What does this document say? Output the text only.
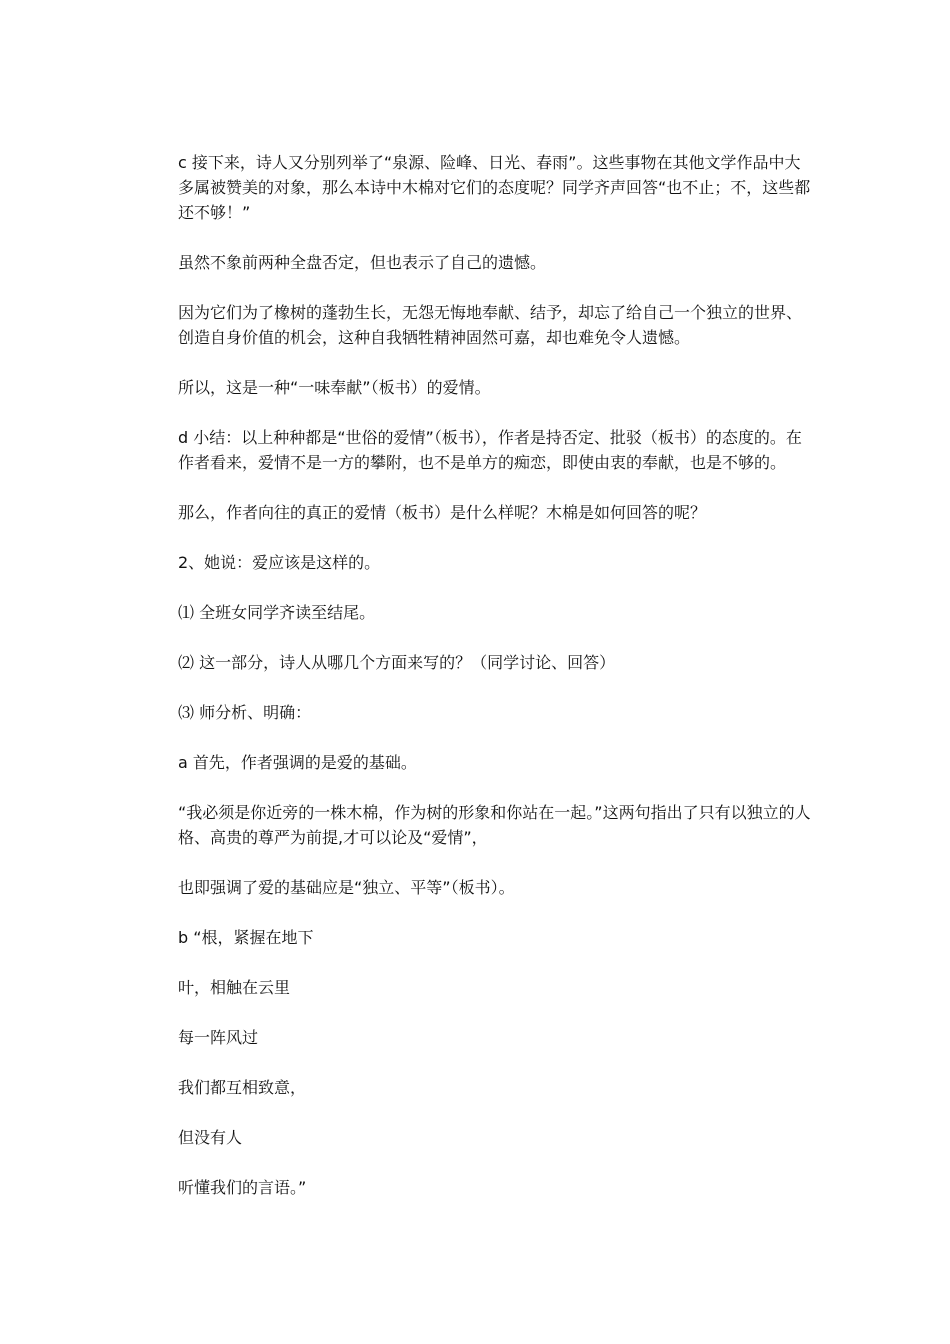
c 接下来，诗人又分别列举了“泉源、险峰、日光、春雨”。这些事物在其他文学作品中大多属被赞美的对象，那么本诗中木棉对它们的态度呢？同学齐声回答“也不止；不，这些都还不够！”

虽然不象前两种全盘否定，但也表示了自己的遗憾。

因为它们为了橡树的蓬勃生长，无怨无悔地奉献、结予，却忘了给自己一个独立的世界、创造自身价值的机会，这种自我牺牲精神固然可嘉，却也难免令人遗憾。

所以，这是一种“一味奉献”（板书）的爱情。

d 小结：以上种种都是“世俗的爱情”（板书），作者是持否定、批驳（板书）的态度的。在作者看来，爱情不是一方的攀附，也不是单方的痴恋，即使由衷的奉献，也是不够的。

那么，作者向往的真正的爱情（板书）是什么样呢？木棉是如何回答的呢？

2、她说：爱应该是这样的。

⑴ 全班女同学齐读至结尾。

⑵ 这一部分，诗人从哪几个方面来写的？（同学讨论、回答）

⑶ 师分析、明确：

a 首先，作者强调的是爱的基础。

“我必须是你近旁的一株木棉，作为树的形象和你站在一起。”这两句指出了只有以独立的人格、高贵的尊严为前提,才可以论及“爱情”，

也即强调了爱的基础应是“独立、平等”（板书）。

b “根，紧握在地下

叶，相触在云里

每一阵风过

我们都互相致意，

但没有人

听懂我们的言语。”
